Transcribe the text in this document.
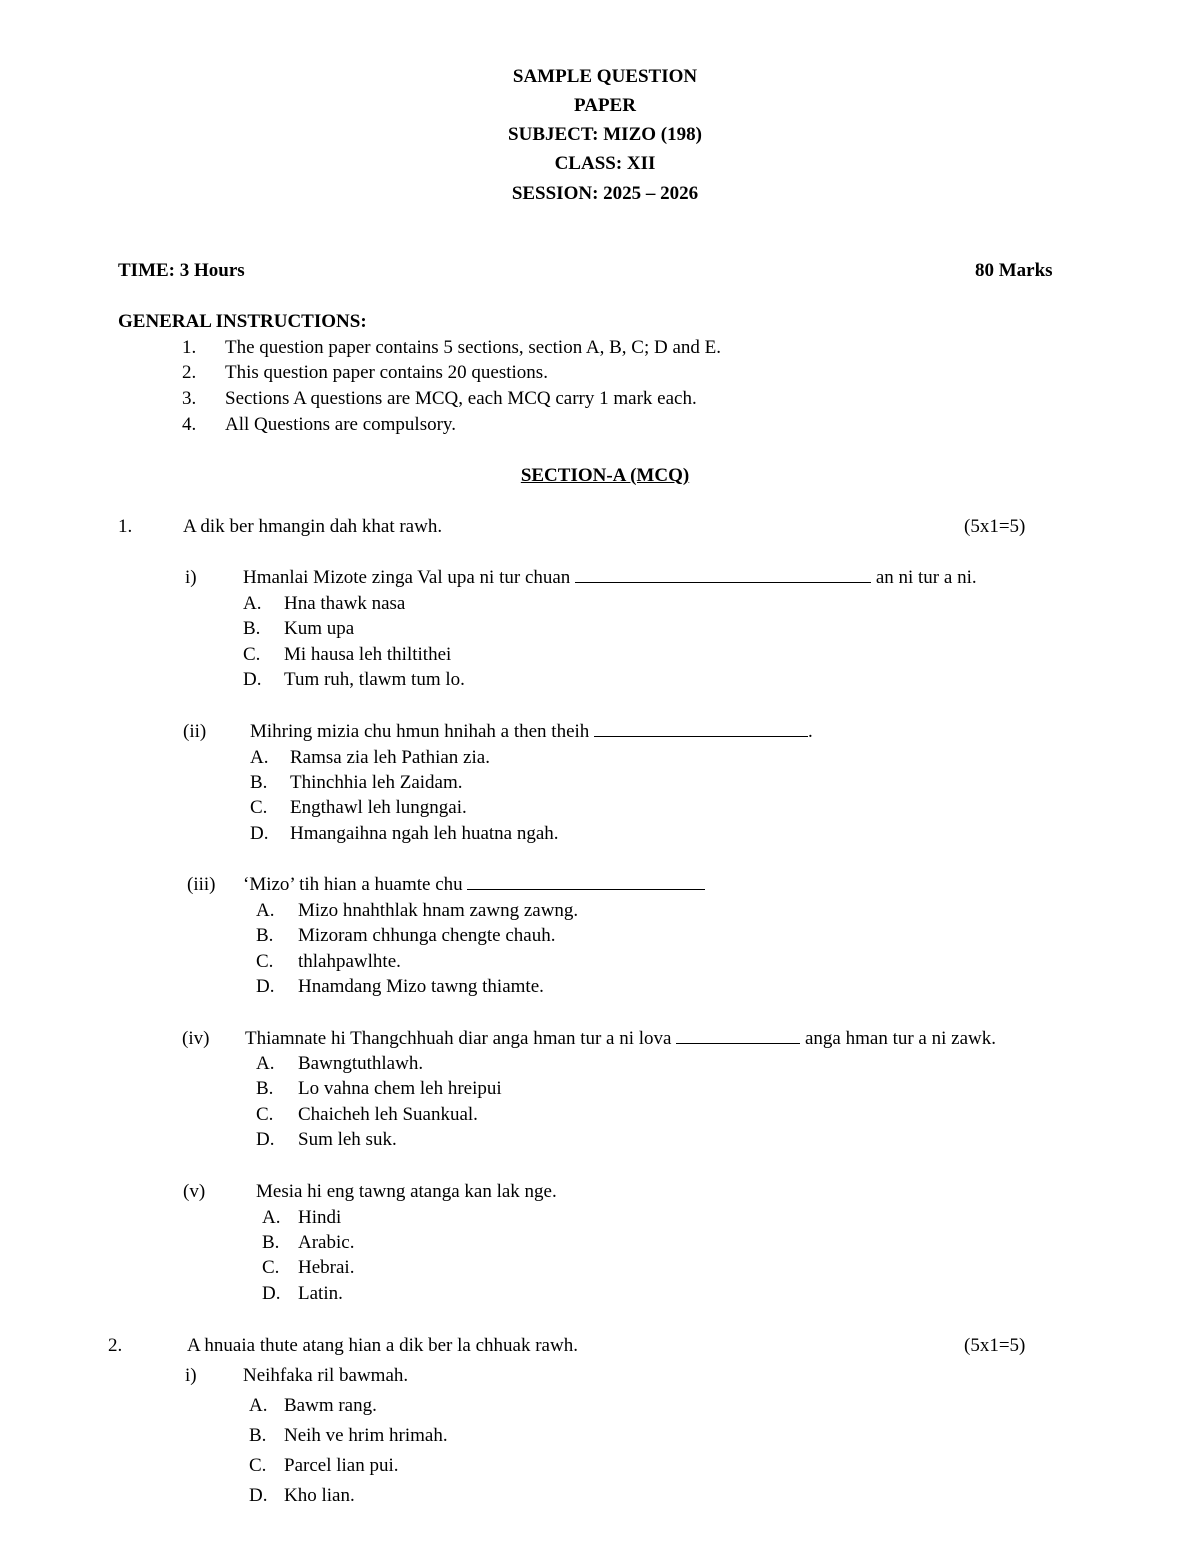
SAMPLE QUESTION
PAPER
SUBJECT: MIZO (198)
CLASS: XII
SESSION: 2025 – 2026
TIME: 3 Hours	80 Marks
GENERAL INSTRUCTIONS:
1. The question paper contains 5 sections, section A, B, C; D and E.
2. This question paper contains 20 questions.
3. Sections A questions are MCQ, each MCQ carry 1 mark each.
4. All Questions are compulsory.
SECTION-A (MCQ)
1.	A dik ber hmangin dah khat rawh.	(5x1=5)
i) Hmanlai Mizote zinga Val upa ni tur chuan	an ni tur a ni.
A. Hna thawk nasa
B. Kum upa
C. Mi hausa leh thiltithei
D. Tum ruh, tlawm tum lo.
(ii) Mihring mizia chu hmun hnihah a then theih	.
A. Ramsa zia leh Pathian zia.
B. Thinchhia leh Zaidam.
C. Engthawl leh lungngai.
D. Hmangaihna ngah leh huatna ngah.
(iii) ‘Mizo’ tih hian a huamte chu
A. Mizo hnahthlak hnam zawng zawng.
B. Mizoram chhunga chengte chauh.
C. thlahpawlhte.
D. Hnamdang Mizo tawng thiamte.
(iv) Thiamnate hi Thangchhuah diar anga hman tur a ni lova	anga hman tur a ni zawk.
A. Bawngtuthlawh.
B. Lo vahna chem leh hreipui
C. Chaicheh leh Suankual.
D. Sum leh suk.
(v)	Mesia hi eng tawng atanga kan lak nge.
A. Hindi
B. Arabic.
C. Hebrai.
D. Latin.
2.	A hnuaia thute atang hian a dik ber la chhuak rawh.	(5x1=5)
i) Neihfaka ril bawmah.
A. Bawm rang.
B. Neih ve hrim hrimah.
C. Parcel lian pui.
D. Kho lian.
